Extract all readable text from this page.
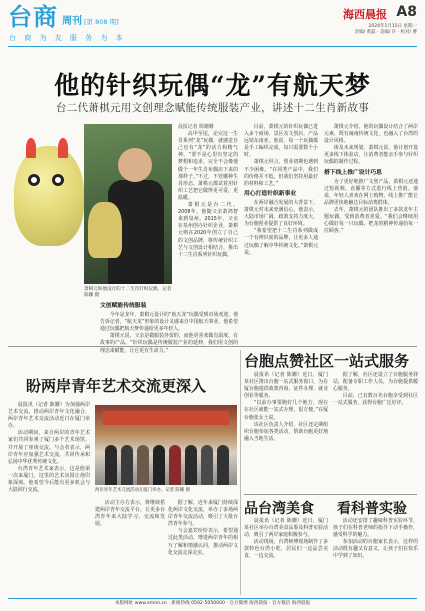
台商 周刊 [第 808 期]
台 商 为 友 服 务 为 本
海西晨报 A8
2024年1月15日 星期一
责编/ 黄磊 · 美编/ 许 · 校对/ 曹
他的针织玩偶“龙”有航天梦
台二代萧棋元用文创理念赋能传统服装产业，讲述十二生肖新故事
萧棋元和他设计的十二生肖针织玩偶。记者 陈姗 摄
晨报记者 陈姗姗

高甲至尾，论完这一生肖系列“龙”玩偶，就感觉自己也有“龙”的活力和精气神。“要不是心里有坚定的梦想和追求，完全不会像他做个一年生肖布偶店下来的那样子。”不过，不管哪种生肖形态，萧棋元都试着用针织工艺把它做得更可爱、更温暖。

萧棋元是台二代。2008年，他随父亲萧鸿智来到泉州。2015年，父亲在泉州创办针织企业，萧棋元则在2020年创立了自己的文创品牌，将传统针织工艺与文创设计相结合，推出十二生肖系列针织玩偶。

文创赋能传统服装

今年是龙年，萧棋元设计的“航天龙”玩偶受到市场欢迎。他告诉记者，“航天龙”形象的设计灵感来自中国航天事业，他希望通过玩偶把航天梦传递给更多年轻人。

萧棋元说，父亲是做服装外贸的，而他更喜欢做有温度、有故事的产品。“针织玩偶是传统服装产业的延伸，我们用文创的理念来赋能，让它更有生命力。”

目前，萧棋元的针织玩偶已进入多个商场、景区及文创店，产品远销东南亚。他说，每一个玩偶都是手工编织完成，每只需要数个小时。

萧棋元坦言，创业初期也遇到不少困难。“在同类产品中，我们的价格并不低，但我们坚持用最好的材料和工艺。”

用心打造针织新事业

在两岸融合发展的大背景下，萧棋元对未来充满信心。他表示，大陆市场广阔，政策支持力度大，为台胞创业提供了良好环境。

“我希望把十二生肖系列做成一个有辨识度的品牌，让更多人通过玩偶了解中华传统文化。”萧棋元说。

萧棋元介绍，他的玩偶设计结合了两岸元素，既有闽南传统文化，也融入了台湾的设计风格。

谈及未来规划，萧棋元说，他计划开设更多线下体验店，让消费者能亲手参与针织玩偶的制作过程。

搭下线上推广设计巧思

为了更好地推广文创产品，萧棋元还通过短视频、直播等方式进行线上营销。他说，年轻人喜欢在网上购物，线上推广能让品牌更快地触达目标消费群体。

去年，萧棋元的团队推出了多款龙年主题玩偶，受到消费者喜爱。“我们会继续用心做好每一只玩偶，把龙的精神传递给每一位顾客。”

盼两岸青年艺术交流更深入

晨报讯（记者 陈姗）为加强两岸艺术交流，推动两岸青年文化融合，两岸青年艺术交流活动近日在厦门举办。

活动期间，来自两岸的青年艺术家们共同参观了厦门多个艺术场馆，并开展了座谈交流。与会者表示，两岸青年应加强艺术交流，共同传承和弘扬中华优秀传统文化。

台湾青年艺术家表示，这是他第一次来厦门，这里的艺术氛围让他印象深刻。他希望今后能有更多机会与大陆同行交流。	两岸青年艺术交流活动在厦门举办。记者 陈姗 摄

活动主办方表示，将继续搭建两岸青年交流平台，让更多台湾青年来大陆学习、交流和发展。

据了解，近年来厦门持续深化两岸文化交流，举办了多场两岸青年交流活动，吸引了大批台湾青年参与。

与会嘉宾纷纷表示，希望通过此类活动，增进两岸青年的相互了解和情感认同，推动两岸文化交流走深走实。

台胞点赞社区一站式服务

晨报讯（记者 陈姗）近日，厦门某社区推出台胞一站式服务窗口，为在厦台胞提供政策咨询、证件办理、就业创业等服务。

“以前办事要跑好几个地方，现在在社区就能一站式办理，很方便。”在厦台胞张女士说。

该社区负责人介绍，社区还定期组织台胞参加各类活动，帮助台胞更好地融入当地生活。

据了解，社区还设立了台胞服务驿站，配备专职工作人员，为台胞提供暖心服务。

目前，已有数百名台胞享受到社区一站式服务，获得台胞广泛好评。

品台湾美食 看科普实验

晨报讯（记者 陈姗）近日，厦门某社区举办台湾美食品鉴及科普实验活动，吸引了两岸家庭积极参与。

活动现场，台湾师傅现场制作了多款特色台湾小吃，居民们一边品尝美食，一边交流。

活动还安排了趣味科普实验环节，孩子们在科普老师的指导下动手操作，感受科学的魅力。

参加活动的台胞家长表示，这样的活动既有趣又有意义，让孩子们在快乐中学到了知识。

本版网址 www.xmnn.cn · 新闻热线 0592-5050000 · 官方微博 海西晨报 · 官方微信 海西晨报
